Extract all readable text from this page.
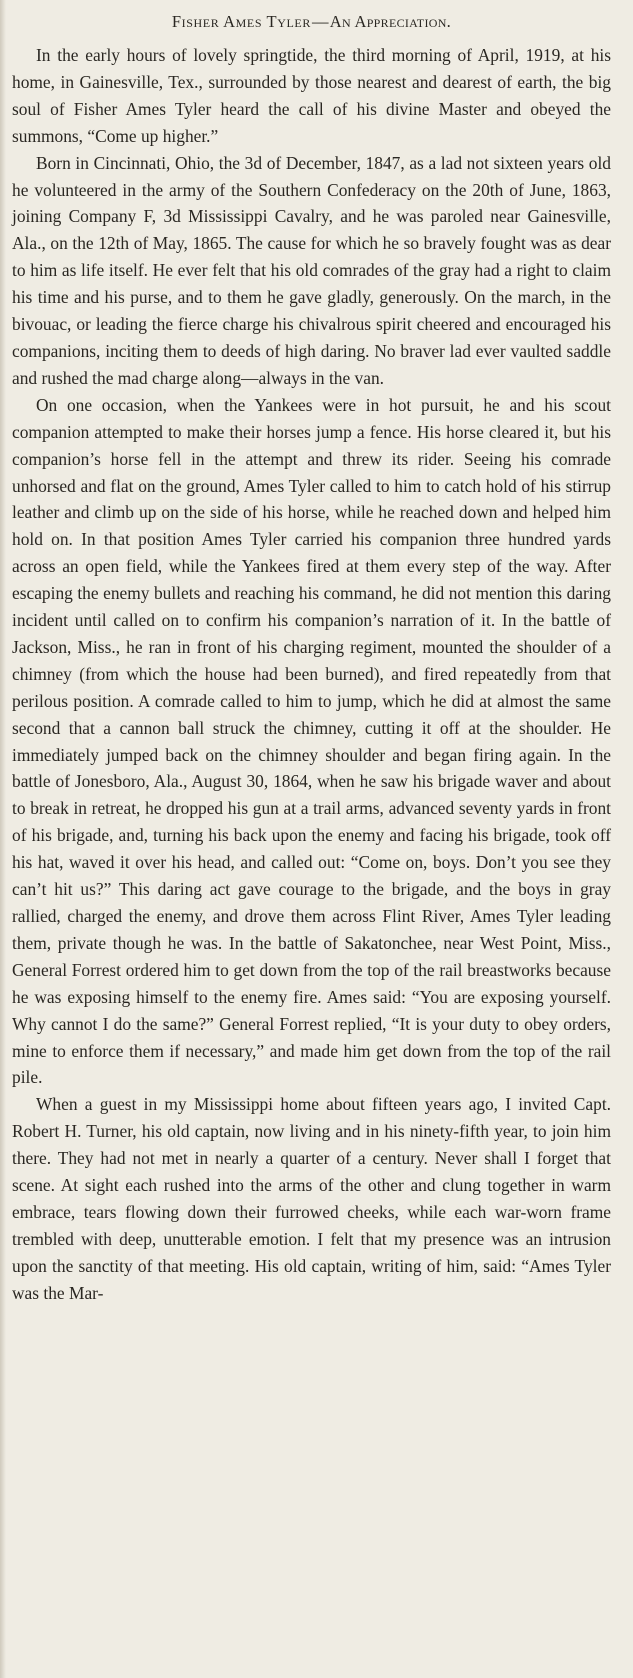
Fisher Ames Tyler—An Appreciation.

In the early hours of lovely springtide, the third morning of April, 1919, at his home, in Gainesville, Tex., surrounded by those nearest and dearest of earth, the big soul of Fisher Ames Tyler heard the call of his divine Master and obeyed the summons, “Come up higher.”

Born in Cincinnati, Ohio, the 3d of December, 1847, as a lad not sixteen years old he volunteered in the army of the Southern Confederacy on the 20th of June, 1863, joining Company F, 3d Mississippi Cavalry, and he was paroled near Gainesville, Ala., on the 12th of May, 1865. The cause for which he so bravely fought was as dear to him as life itself. He ever felt that his old comrades of the gray had a right to claim his time and his purse, and to them he gave gladly, generously. On the march, in the bivouac, or leading the fierce charge his chivalrous spirit cheered and encouraged his companions, inciting them to deeds of high daring. No braver lad ever vaulted saddle and rushed the mad charge along—always in the van.

On one occasion, when the Yankees were in hot pursuit, he and his scout companion attempted to make their horses jump a fence. His horse cleared it, but his companion’s horse fell in the attempt and threw its rider. Seeing his comrade unhorsed and flat on the ground, Ames Tyler called to him to catch hold of his stirrup leather and climb up on the side of his horse, while he reached down and helped him hold on. In that position Ames Tyler carried his companion three hundred yards across an open field, while the Yankees fired at them every step of the way. After escaping the enemy bullets and reaching his command, he did not mention this daring incident until called on to confirm his companion’s narration of it. In the battle of Jackson, Miss., he ran in front of his charging regiment, mounted the shoulder of a chimney (from which the house had been burned), and fired repeatedly from that perilous position. A comrade called to him to jump, which he did at almost the same second that a cannon ball struck the chimney, cutting it off at the shoulder. He immediately jumped back on the chimney shoulder and began firing again. In the battle of Jonesboro, Ala., August 30, 1864, when he saw his brigade waver and about to break in retreat, he dropped his gun at a trail arms, advanced seventy yards in front of his brigade, and, turning his back upon the enemy and facing his brigade, took off his hat, waved it over his head, and called out: “Come on, boys. Don’t you see they can’t hit us?” This daring act gave courage to the brigade, and the boys in gray rallied, charged the enemy, and drove them across Flint River, Ames Tyler leading them, private though he was. In the battle of Sakatonchee, near West Point, Miss., General Forrest ordered him to get down from the top of the rail breastworks because he was exposing himself to the enemy fire. Ames said: “You are exposing yourself. Why cannot I do the same?” General Forrest replied, “It is your duty to obey orders, mine to enforce them if necessary,” and made him get down from the top of the rail pile.

When a guest in my Mississippi home about fifteen years ago, I invited Capt. Robert H. Turner, his old captain, now living and in his ninety-fifth year, to join him there. They had not met in nearly a quarter of a century. Never shall I forget that scene. At sight each rushed into the arms of the other and clung together in warm embrace, tears flowing down their furrowed cheeks, while each war-worn frame trembled with deep, unutterable emotion. I felt that my presence was an intrusion upon the sanctity of that meeting. His old captain, writing of him, said: “Ames Tyler was the Mar-
